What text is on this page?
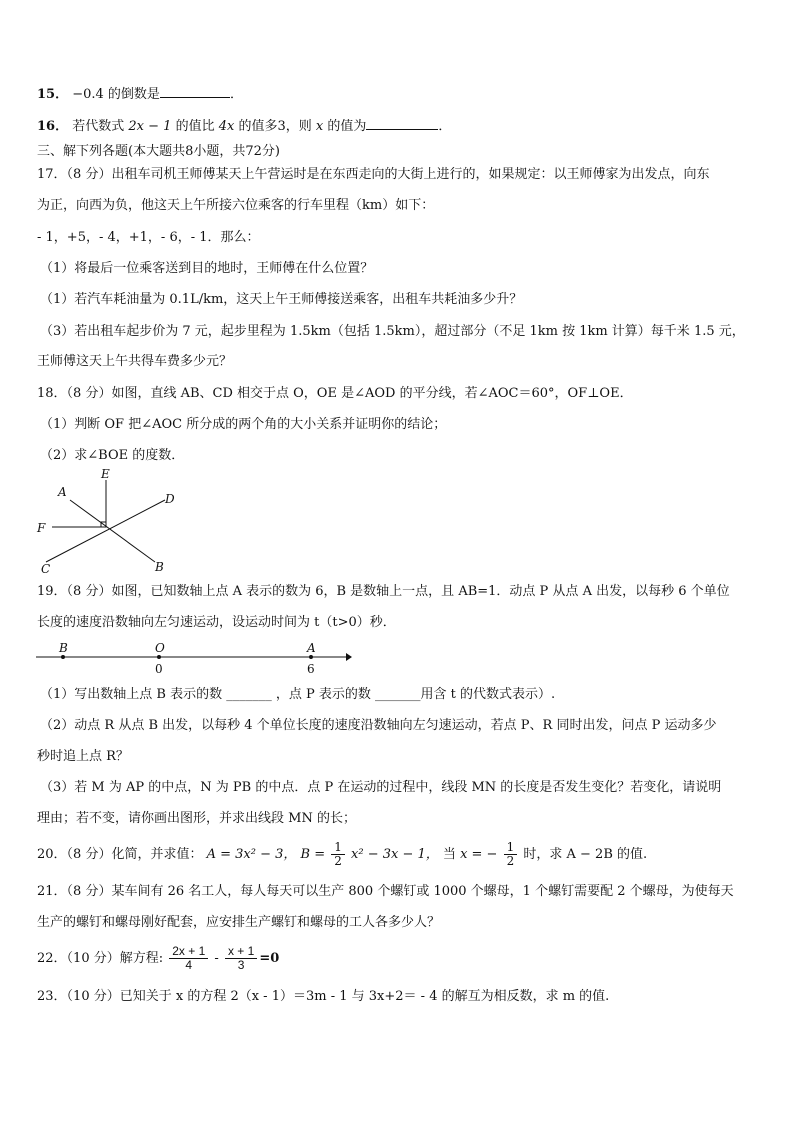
15． −0.4 的倒数是	．
16． 若代数式 2x − 1 的值比 4x 的值多3，则 x 的值为	．
三、解下列各题(本大题共8小题，共72分)
17．（8 分）出租车司机王师傅某天上午营运时是在东西走向的大街上进行的，如果规定：以王师傅家为出发点，向东
为正，向西为负，他这天上午所接六位乘客的行车里程（km）如下：
- 1，+5，- 4，+1，- 6，- 1．那么：
（1）将最后一位乘客送到目的地时，王师傅在什么位置？
（1）若汽车耗油量为 0.1L/km，这天上午王师傅接送乘客，出租车共耗油多少升？
（3）若出租车起步价为 7 元，起步里程为 1.5km（包括 1.5km），超过部分（不足 1km 按 1km 计算）每千米 1.5 元，
王师傅这天上午共得车费多少元？
18．（8 分）如图，直线 AB、CD 相交于点 O，OE 是∠AOD 的平分线，若∠AOC＝60°，OF⊥OE．
（1）判断 OF 把∠AOC 所分成的两个角的大小关系并证明你的结论；
（2）求∠BOE 的度数．
A
E
D
F
C	B
19．（8 分）如图，已知数轴上点 A 表示的数为 6，B 是数轴上一点，且 AB=1．动点 P 从点 A 出发，以每秒 6 个单位
长度的速度沿数轴向左匀速运动，设运动时间为 t（t>0）秒．
B	O	A
0	6
（1）写出数轴上点 B 表示的数 _______ ，点 P 表示的数 _______用含 t 的代数式表示）.
（2）动点 R 从点 B 出发，以每秒 4 个单位长度的速度沿数轴向左匀速运动，若点 P、R 同时出发，问点 P 运动多少
秒时追上点 R？
（3）若 M 为 AP 的中点，N 为 PB 的中点．点 P 在运动的过程中，线段 MN 的长度是否发生变化？若变化，请说明
理由；若不变，请你画出图形，并求出线段 MN 的长；
20．（8 分）化简，并求值： A = 3x² − 3， $B = \frac{1}{2} x^2 - 3x - 1$， 当 x = − $\frac{1}{2}$ 时，求 A − 2B 的值.
21．（8 分）某车间有 26 名工人，每人每天可以生产 800 个螺钉或 1000 个螺母，1 个螺钉需要配 2 个螺母，为使每天
生产的螺钉和螺母刚好配套，应安排生产螺钉和螺母的工人各多少人？
22．（10 分）解方程: $\frac{2x + 1}{4} - \frac{x + 1}{3} =0$
23．（10 分）已知关于 x 的方程 2（x - 1）＝3m - 1 与 3x+2＝ - 4 的解互为相反数，求 m 的值.
